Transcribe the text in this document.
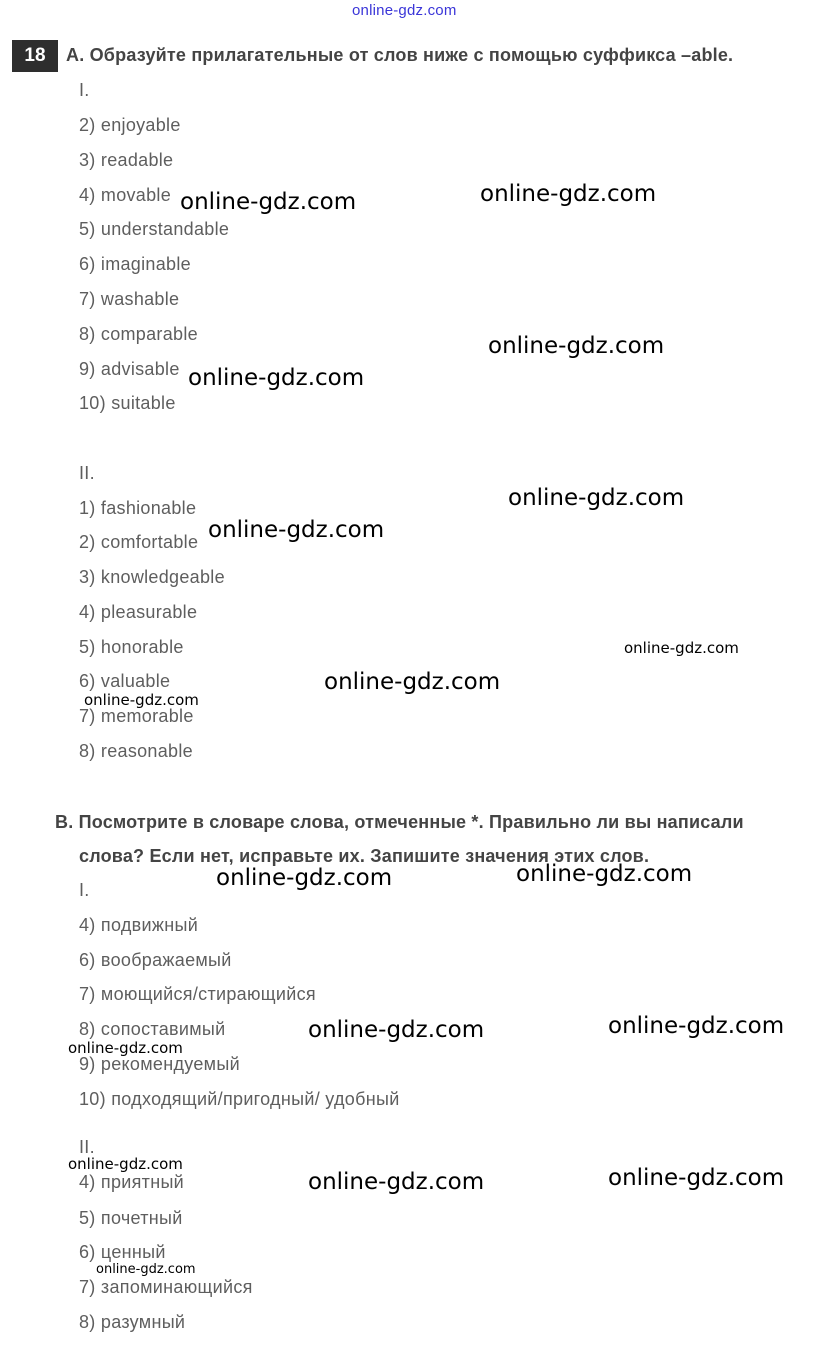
online-gdz.com
18	A. Образуйте прилагательные от слов ниже с помощью суффикса –able.
I.
2) enjoyable
3) readable
4) movable
5) understandable
6) imaginable
7) washable
8) comparable
9) advisable
10) suitable
II.
1) fashionable
2) comfortable
3) knowledgeable
4) pleasurable
5) honorable
6) valuable
7) memorable
8) reasonable
B. Посмотрите в словаре слова, отмеченные *. Правильно ли вы написали
слова? Если нет, исправьте их. Запишите значения этих слов.
I.
4) подвижный
6) воображаемый
7) моющийся/стирающийся
8) сопоставимый
9) рекомендуемый
10) подходящий/пригодный/ удобный
II.
4) приятный
5) почетный
6) ценный
7) запоминающийся
8) разумный
online-gdz.com	online-gdz.com
online-gdz.com
online-gdz.com
online-gdz.com
online-gdz.com
online-gdz.com
online-gdz.com
online-gdz.com
online-gdz.com	online-gdz.com
online-gdz.com	online-gdz.com
online-gdz.com
online-gdz.com
online-gdz.com	online-gdz.com
online-gdz.com
